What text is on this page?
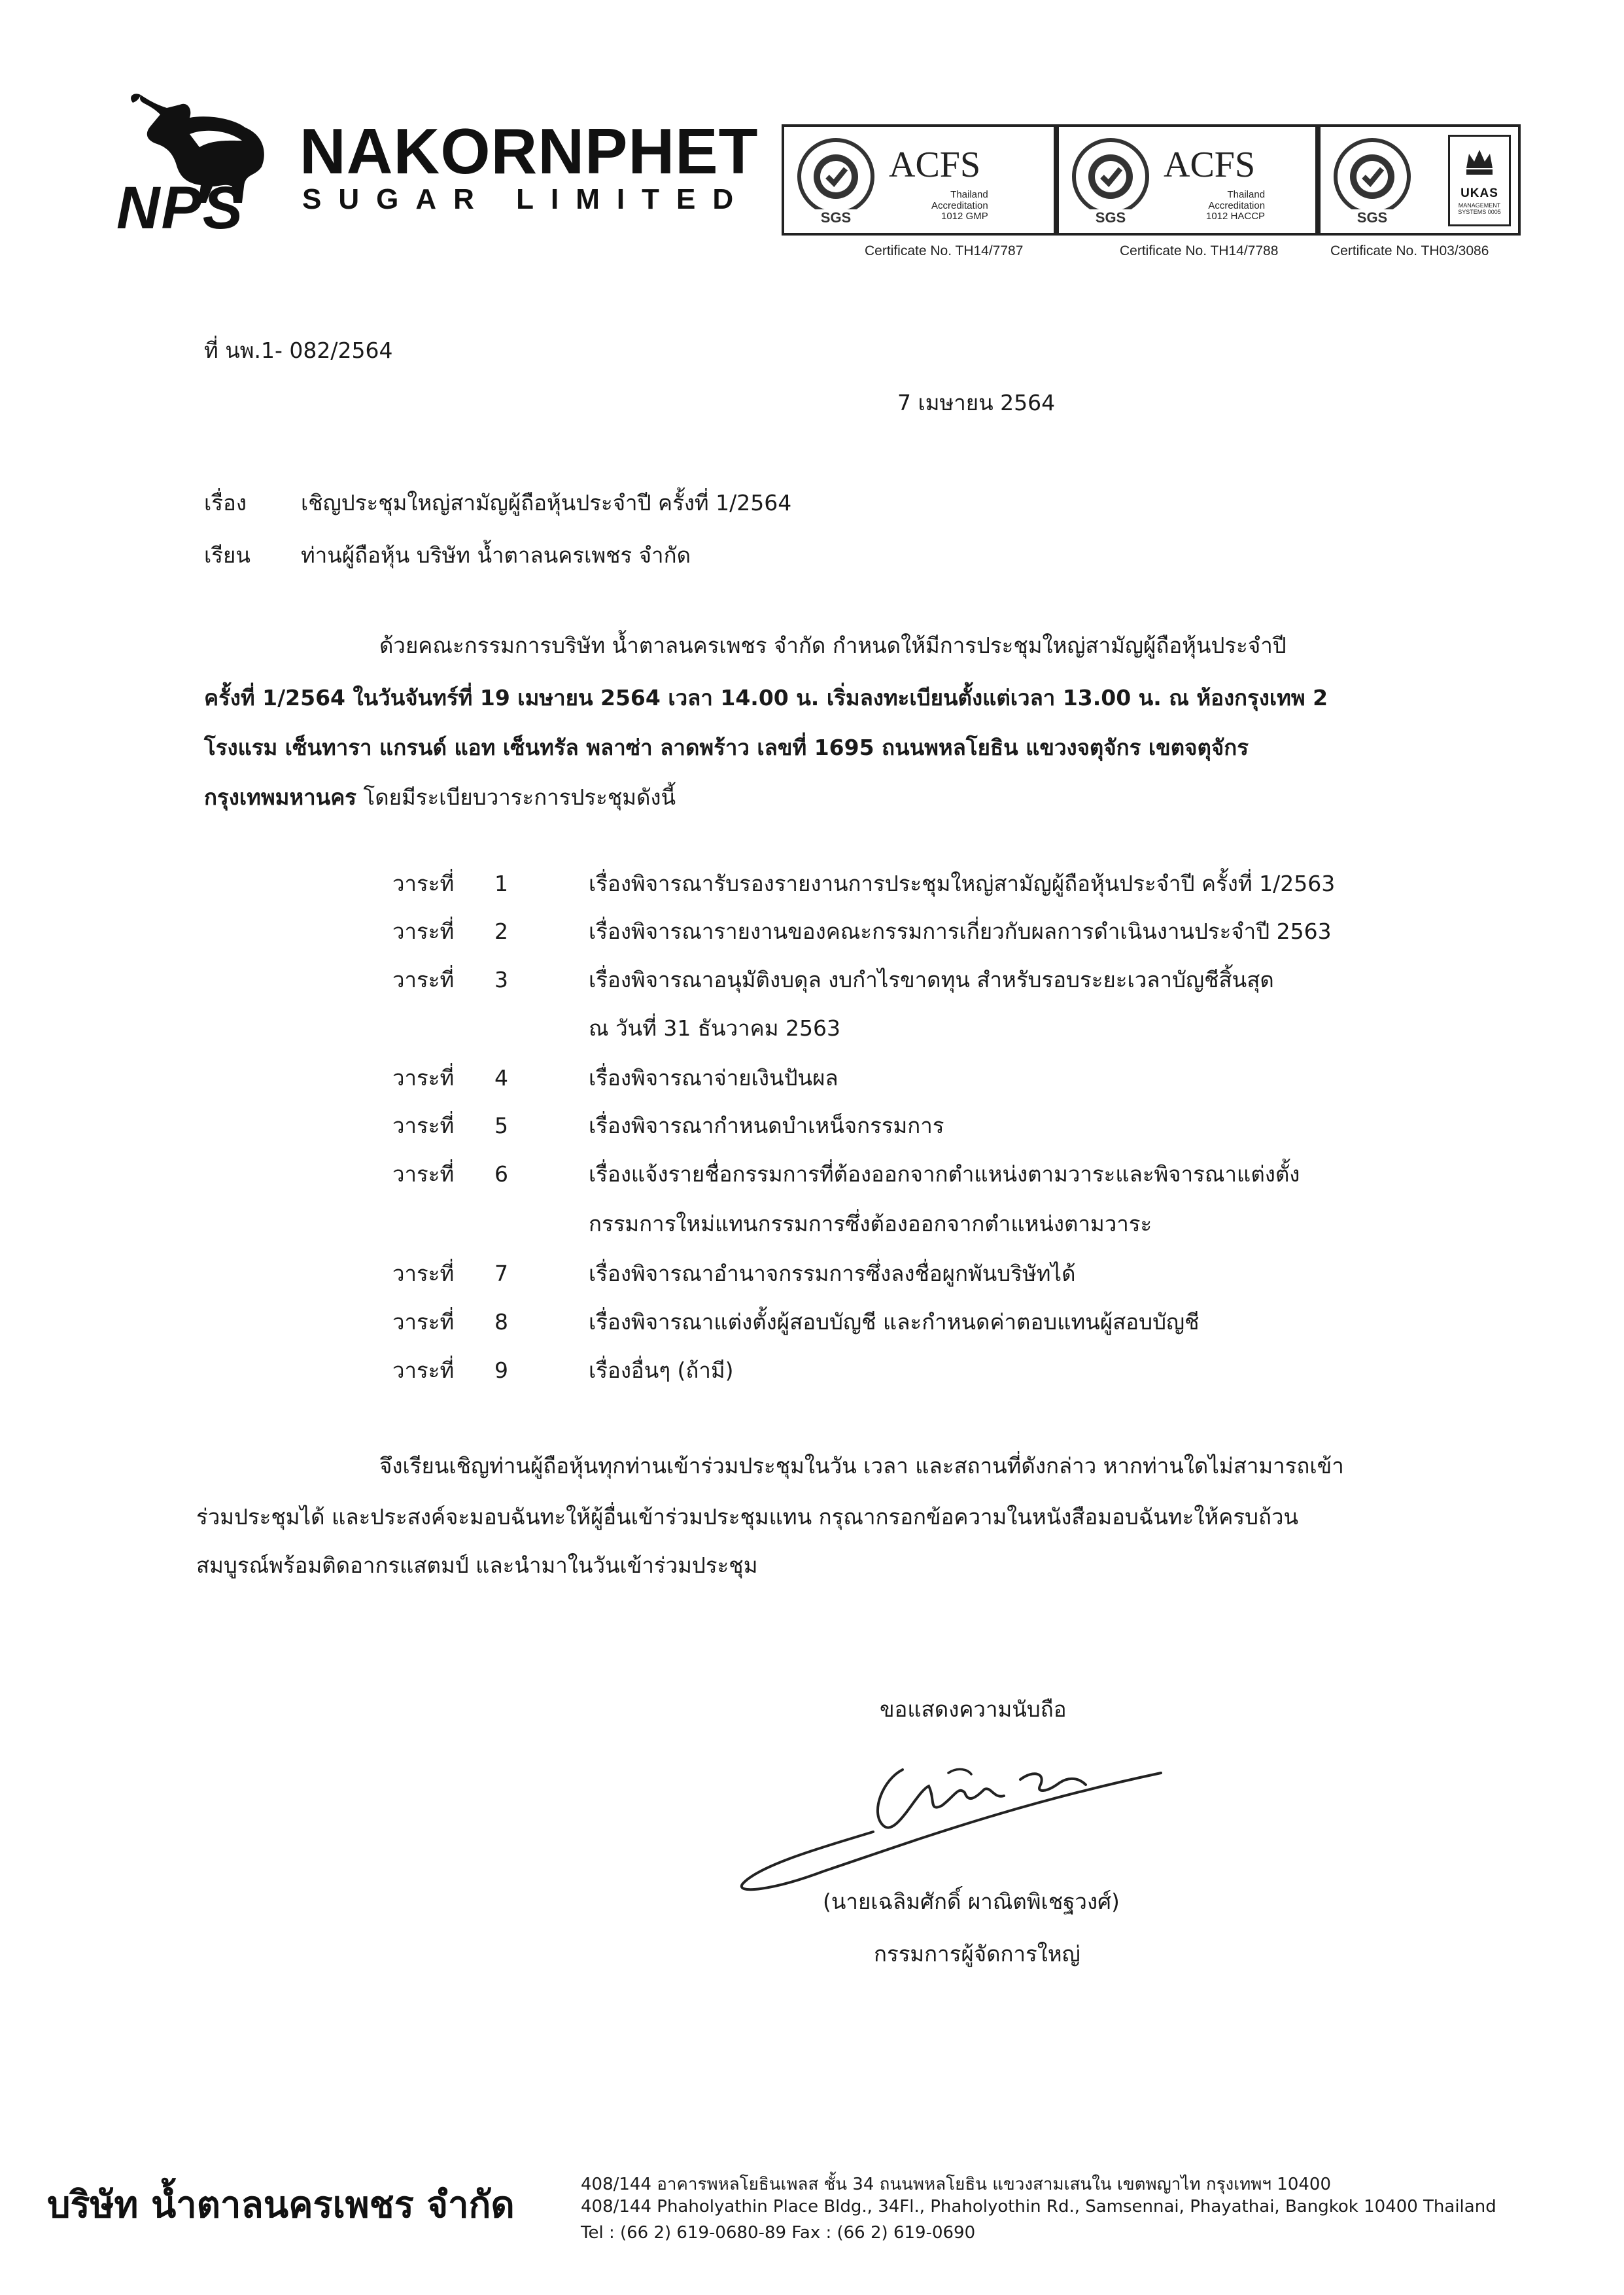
NPS
NAKORNPHET
SUGAR LIMITED
SGS
ACFS
Thailand
Accreditation
1012 GMP	SGS
ACFS
Thailand
Accreditation
1012 HACCP	SGS
UKAS
MANAGEMENT SYSTEMS 0005
Certificate No. TH14/7787	Certificate No. TH14/7788	Certificate No. TH03/3086
ที่ นพ.1- 082/2564
7 เมษายน 2564
เรื่อง	เชิญประชุมใหญ่สามัญผู้ถือหุ้นประจำปี ครั้งที่ 1/2564
เรียน ท่านผู้ถือหุ้น บริษัท น้ำตาลนครเพชร จำกัด
ด้วยคณะกรรมการบริษัท น้ำตาลนครเพชร จำกัด กำหนดให้มีการประชุมใหญ่สามัญผู้ถือหุ้นประจำปี
ครั้งที่ 1/2564 ในวันจันทร์ที่ 19 เมษายน 2564 เวลา 14.00 น. เริ่มลงทะเบียนตั้งแต่เวลา 13.00 น. ณ ห้องกรุงเทพ 2
โรงแรม เซ็นทารา แกรนด์ แอท เซ็นทรัล พลาซ่า ลาดพร้าว เลขที่ 1695 ถนนพหลโยธิน แขวงจตุจักร เขตจตุจักร
กรุงเทพมหานคร โดยมีระเบียบวาระการประชุมดังนี้
วาระที่ 1	เรื่องพิจารณารับรองรายงานการประชุมใหญ่สามัญผู้ถือหุ้นประจำปี ครั้งที่ 1/2563
วาระที่ 2	เรื่องพิจารณารายงานของคณะกรรมการเกี่ยวกับผลการดำเนินงานประจำปี 2563
วาระที่ 3	เรื่องพิจารณาอนุมัติงบดุล งบกำไรขาดทุน สำหรับรอบระยะเวลาบัญชีสิ้นสุด
ณ วันที่ 31 ธันวาคม 2563
วาระที่ 4	เรื่องพิจารณาจ่ายเงินปันผล
วาระที่ 5	เรื่องพิจารณากำหนดบำเหน็จกรรมการ
วาระที่ 6	เรื่องแจ้งรายชื่อกรรมการที่ต้องออกจากตำแหน่งตามวาระและพิจารณาแต่งตั้ง
กรรมการใหม่แทนกรรมการซึ่งต้องออกจากตำแหน่งตามวาระ
วาระที่ 7	เรื่องพิจารณาอำนาจกรรมการซึ่งลงชื่อผูกพันบริษัทได้
วาระที่ 8	เรื่องพิจารณาแต่งตั้งผู้สอบบัญชี และกำหนดค่าตอบแทนผู้สอบบัญชี
วาระที่ 9	เรื่องอื่นๆ (ถ้ามี)
จึงเรียนเชิญท่านผู้ถือหุ้นทุกท่านเข้าร่วมประชุมในวัน เวลา และสถานที่ดังกล่าว หากท่านใดไม่สามารถเข้า
ร่วมประชุมได้ และประสงค์จะมอบฉันทะให้ผู้อื่นเข้าร่วมประชุมแทน กรุณากรอกข้อความในหนังสือมอบฉันทะให้ครบถ้วน
สมบูรณ์พร้อมติดอากรแสตมป์ และนำมาในวันเข้าร่วมประชุม
ขอแสดงความนับถือ
(นายเฉลิมศักดิ์ ผาณิตพิเชฐวงศ์)
กรรมการผู้จัดการใหญ่
บริษัท น้ำตาลนครเพชร จำกัด	408/144 อาคารพหลโยธินเพลส ชั้น 34 ถนนพหลโยธิน แขวงสามเสนใน เขตพญาไท กรุงเทพฯ 10400
408/144 Phaholyathin Place Bldg., 34Fl., Phaholyothin Rd., Samsennai, Phayathai, Bangkok 10400 Thailand
Tel : (66 2) 619-0680-89 Fax : (66 2) 619-0690
